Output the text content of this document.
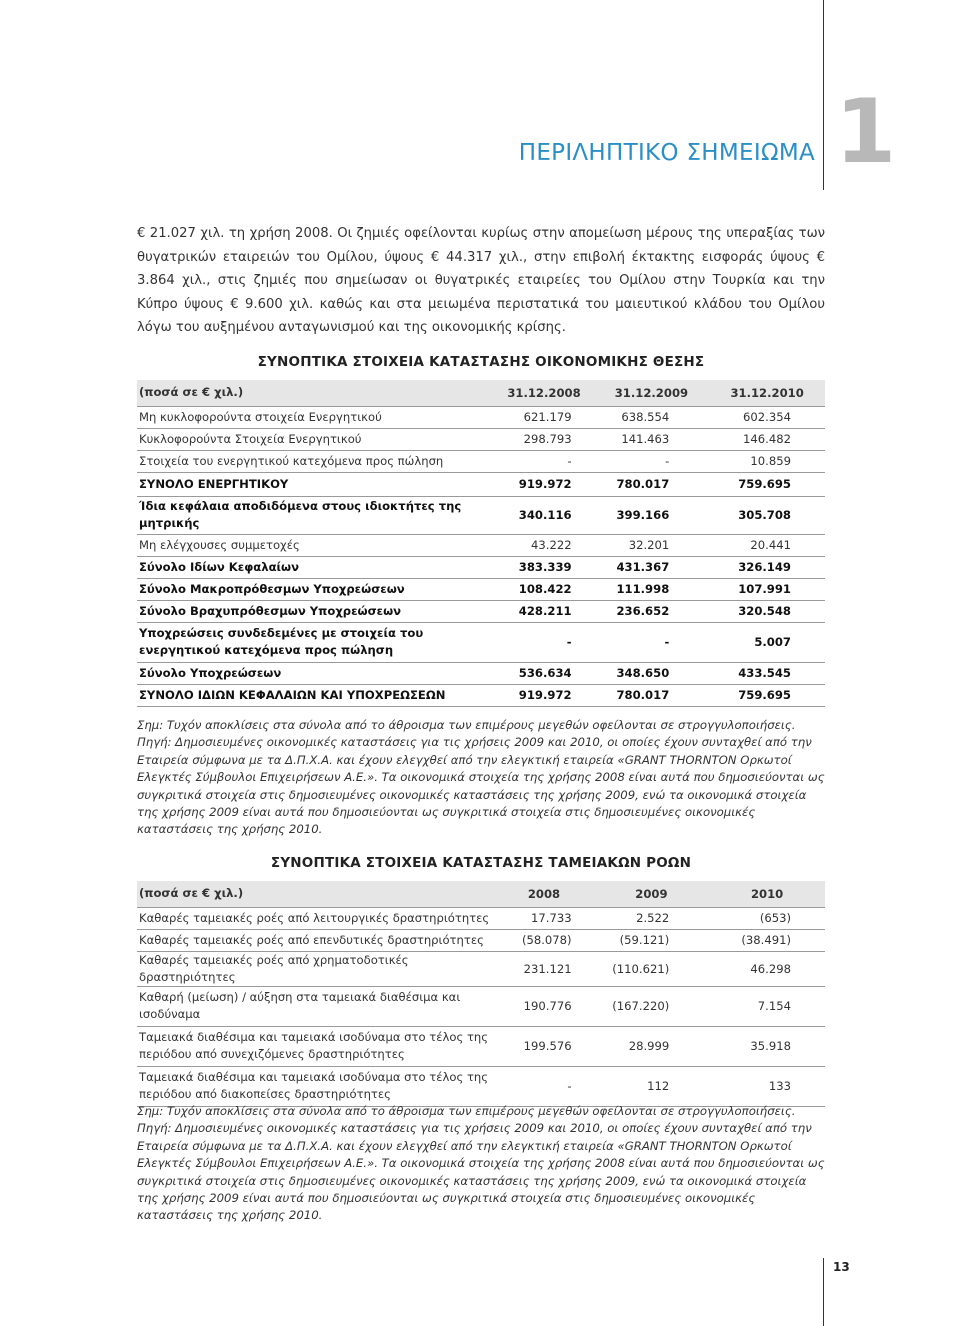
ΠΕΡΙΛΗΠΤΙΚΟ ΣΗΜΕΙΩΜΑ 1
€ 21.027 χιλ. τη χρήση 2008. Οι ζημιές οφείλονται κυρίως στην απομείωση μέρους της υπεραξίας των θυγατρικών εταιρειών του Ομίλου, ύψους € 44.317 χιλ., στην επιβολή έκτακτης εισφοράς ύψους € 3.864 χιλ., στις ζημιές που σημείωσαν οι θυγατρικές εταιρείες του Ομίλου στην Τουρκία και την Κύπρο ύψους € 9.600 χιλ. καθώς και στα μειωμένα περιστατικά του μαιευτικού κλάδου του Ομίλου λόγω του αυξημένου ανταγωνισμού και της οικονομικής κρίσης.
ΣΥΝΟΠΤΙΚΑ ΣΤΟΙΧΕΙΑ ΚΑΤΑΣΤΑΣΗΣ ΟΙΚΟΝΟΜΙΚΗΣ ΘΕΣΗΣ
(ποσά σε € χιλ.)	31.12.2008	31.12.2009	31.12.2010
Μη κυκλοφορούντα στοιχεία Ενεργητικού	621.179	638.554	602.354
Κυκλοφορούντα Στοιχεία Ενεργητικού	298.793	141.463	146.482
Στοιχεία του ενεργητικού κατεχόμενα προς πώληση	-	-	10.859
ΣΥΝΟΛΟ ΕΝΕΡΓΗΤΙΚΟΥ	919.972	780.017	759.695
Ίδια κεφάλαια αποδιδόμενα στους ιδιοκτήτες της μητρικής	340.116	399.166	305.708
Μη ελέγχουσες συμμετοχές	43.222	32.201	20.441
Σύνολο Ιδίων Κεφαλαίων	383.339	431.367	326.149
Σύνολο Μακροπρόθεσμων Υποχρεώσεων	108.422	111.998	107.991
Σύνολο Βραχυπρόθεσμων Υποχρεώσεων	428.211	236.652	320.548
Υποχρεώσεις συνδεδεμένες με στοιχεία του ενεργητικού κατεχόμενα προς πώληση	-	-	5.007
Σύνολο Υποχρεώσεων	536.634	348.650	433.545
ΣΥΝΟΛΟ ΙΔΙΩΝ ΚΕΦΑΛΑΙΩΝ ΚΑΙ ΥΠΟΧΡΕΩΣΕΩΝ	919.972	780.017	759.695
Σημ: Τυχόν αποκλίσεις στα σύνολα από το άθροισμα των επιμέρους μεγεθών οφείλονται σε στρογγυλοποιήσεις.
Πηγή: Δημοσιευμένες οικονομικές καταστάσεις για τις χρήσεις 2009 και 2010, οι οποίες έχουν συνταχθεί από την Εταιρεία σύμφωνα με τα Δ.Π.Χ.Α. και έχουν ελεγχθεί από την ελεγκτική εταιρεία «GRANT THORNTON Ορκωτοί Ελεγκτές Σύμβουλοι Επιχειρήσεων Α.Ε.». Τα οικονομικά στοιχεία της χρήσης 2008 είναι αυτά που δημοσιεύονται ως συγκριτικά στοιχεία στις δημοσιευμένες οικονομικές καταστάσεις της χρήσης 2009, ενώ τα οικονομικά στοιχεία της χρήσης 2009 είναι αυτά που δημοσιεύονται ως συγκριτικά στοιχεία στις δημοσιευμένες οικονομικές καταστάσεις της χρήσης 2010.
ΣΥΝΟΠΤΙΚΑ ΣΤΟΙΧΕΙΑ ΚΑΤΑΣΤΑΣΗΣ ΤΑΜΕΙΑΚΩΝ ΡΟΩΝ
(ποσά σε € χιλ.)	2008	2009	2010
Καθαρές ταμειακές ροές από λειτουργικές δραστηριότητες	17.733	2.522	(653)
Καθαρές ταμειακές ροές από επενδυτικές δραστηριότητες	(58.078)	(59.121)	(38.491)
Καθαρές ταμειακές ροές από χρηματοδοτικές δραστηριότητες	231.121	(110.621)	46.298
Καθαρή (μείωση) / αύξηση στα ταμειακά διαθέσιμα και ισοδύναμα	190.776	(167.220)	7.154
Ταμειακά διαθέσιμα και ταμειακά ισοδύναμα στο τέλος της περιόδου από συνεχιζόμενες δραστηριότητες	199.576	28.999	35.918
Ταμειακά διαθέσιμα και ταμειακά ισοδύναμα στο τέλος της περιόδου από διακοπείσες δραστηριότητες	-	112	133
Σημ: Τυχόν αποκλίσεις στα σύνολα από το άθροισμα των επιμέρους μεγεθών οφείλονται σε στρογγυλοποιήσεις.
Πηγή: Δημοσιευμένες οικονομικές καταστάσεις για τις χρήσεις 2009 και 2010, οι οποίες έχουν συνταχθεί από την Εταιρεία σύμφωνα με τα Δ.Π.Χ.Α. και έχουν ελεγχθεί από την ελεγκτική εταιρεία «GRANT THORNTON Ορκωτοί Ελεγκτές Σύμβουλοι Επιχειρήσεων Α.Ε.». Τα οικονομικά στοιχεία της χρήσης 2008 είναι αυτά που δημοσιεύονται ως συγκριτικά στοιχεία στις δημοσιευμένες οικονομικές καταστάσεις της χρήσης 2009, ενώ τα οικονομικά στοιχεία της χρήσης 2009 είναι αυτά που δημοσιεύονται ως συγκριτικά στοιχεία στις δημοσιευμένες οικονομικές καταστάσεις της χρήσης 2010.
13
